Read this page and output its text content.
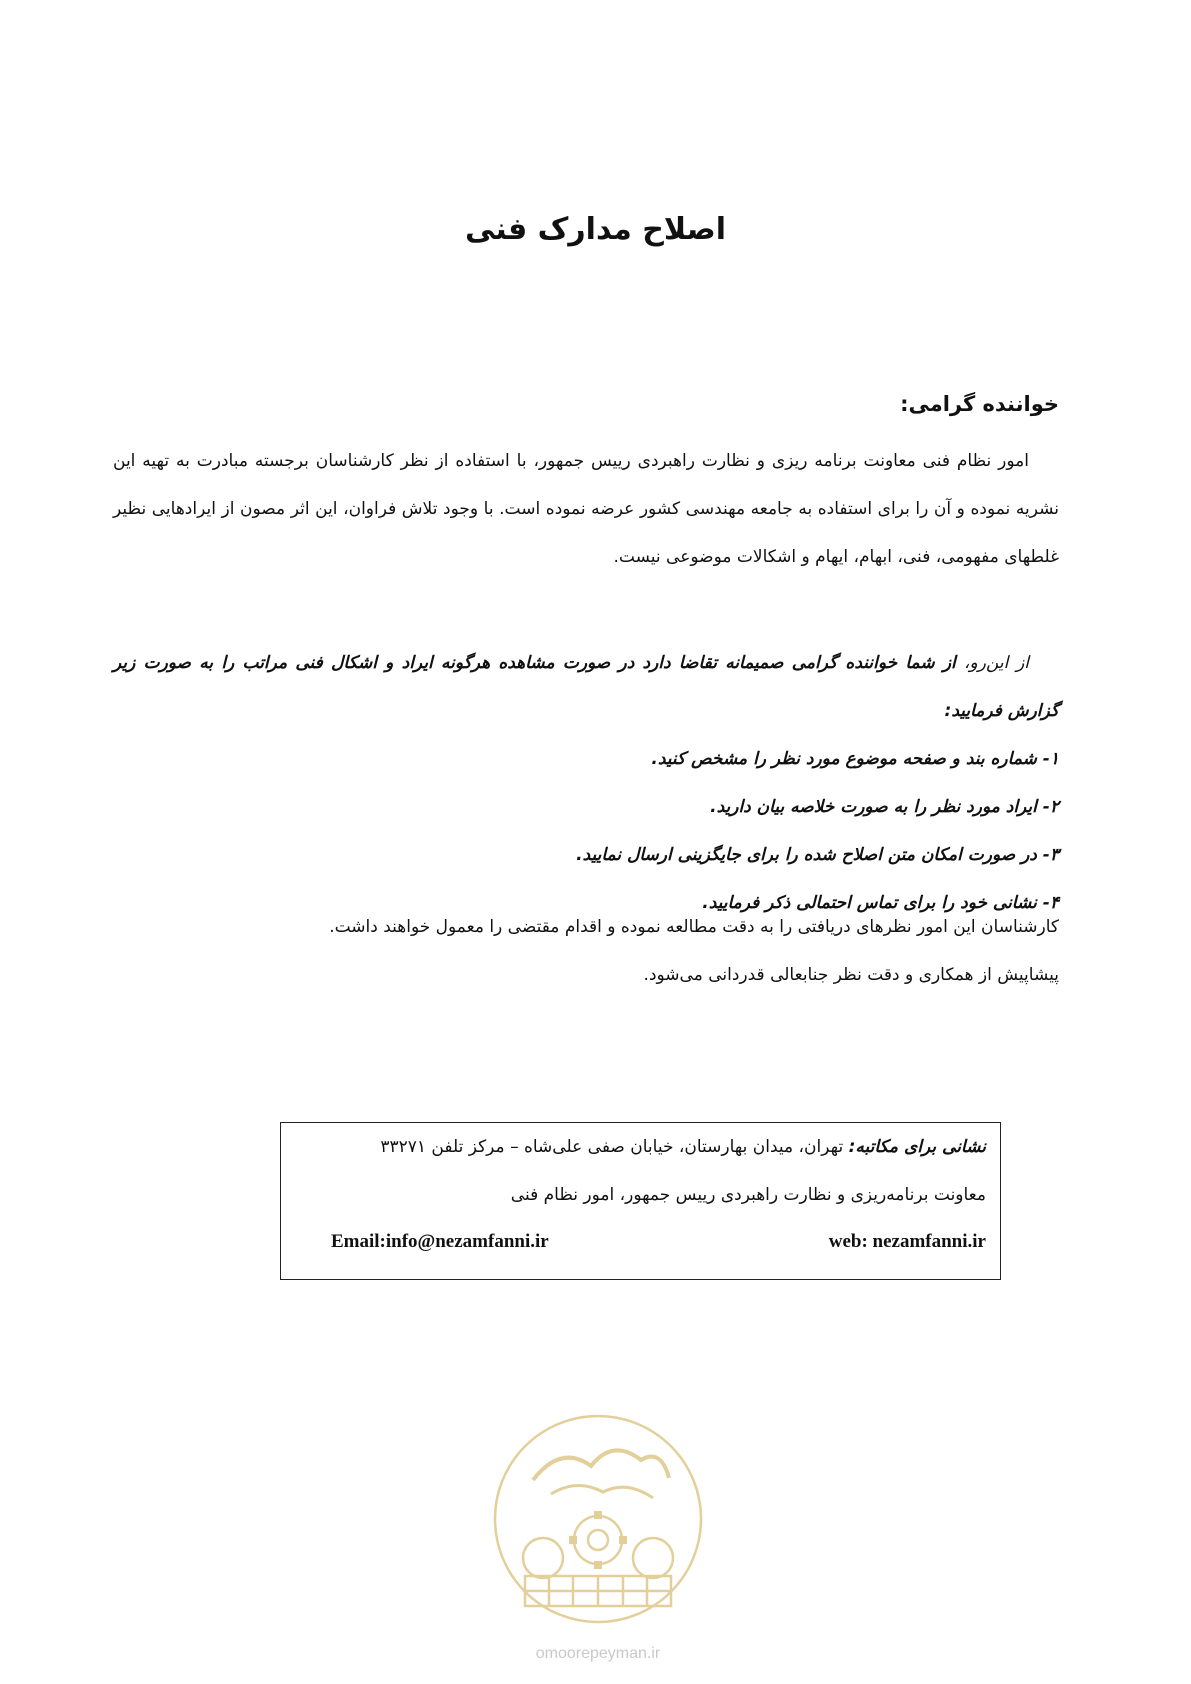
اصلاح مدارک فنی
خواننده گرامی:

امور نظام فنی معاونت برنامه ریزی و نظارت راهبردی رییس جمهور، با استفاده از نظر کارشناسان برجسته مبادرت به تهیه این نشریه نموده و آن را برای استفاده به جامعه مهندسی کشور عرضه نموده است. با وجود تلاش فراوان، این اثر مصون از ایرادهایی نظیر غلطهای مفهومی، فنی، ابهام، ایهام و اشکالات موضوعی نیست.

از این‌رو، از شما خواننده گرامی صمیمانه تقاضا دارد در صورت مشاهده هرگونه ایراد و اشکال فنی مراتب را به صورت زیر گزارش فرمایید:

۱- شماره بند و صفحه موضوع مورد نظر را مشخص کنید.
۲- ایراد مورد نظر را به صورت خلاصه بیان دارید.
۳- در صورت امکان متن اصلاح شده را برای جایگزینی ارسال نمایید.
۴- نشانی خود را برای تماس احتمالی ذکر فرمایید.

کارشناسان این امور نظرهای دریافتی را به دقت مطالعه نموده و اقدام مقتضی را معمول خواهند داشت.

پیشاپیش از همکاری و دقت نظر جنابعالی قدردانی می‌شود.

نشانی برای مکاتبه: تهران، میدان بهارستان، خیابان صفی علی‌شاه – مرکز تلفن ۳۳۲۷۱
معاونت برنامه‌ریزی و نظارت راهبردی رییس جمهور، امور نظام فنی
web: nezamfanni.ir
Email:info@nezamfanni.ir
omoorepeyman.ir
